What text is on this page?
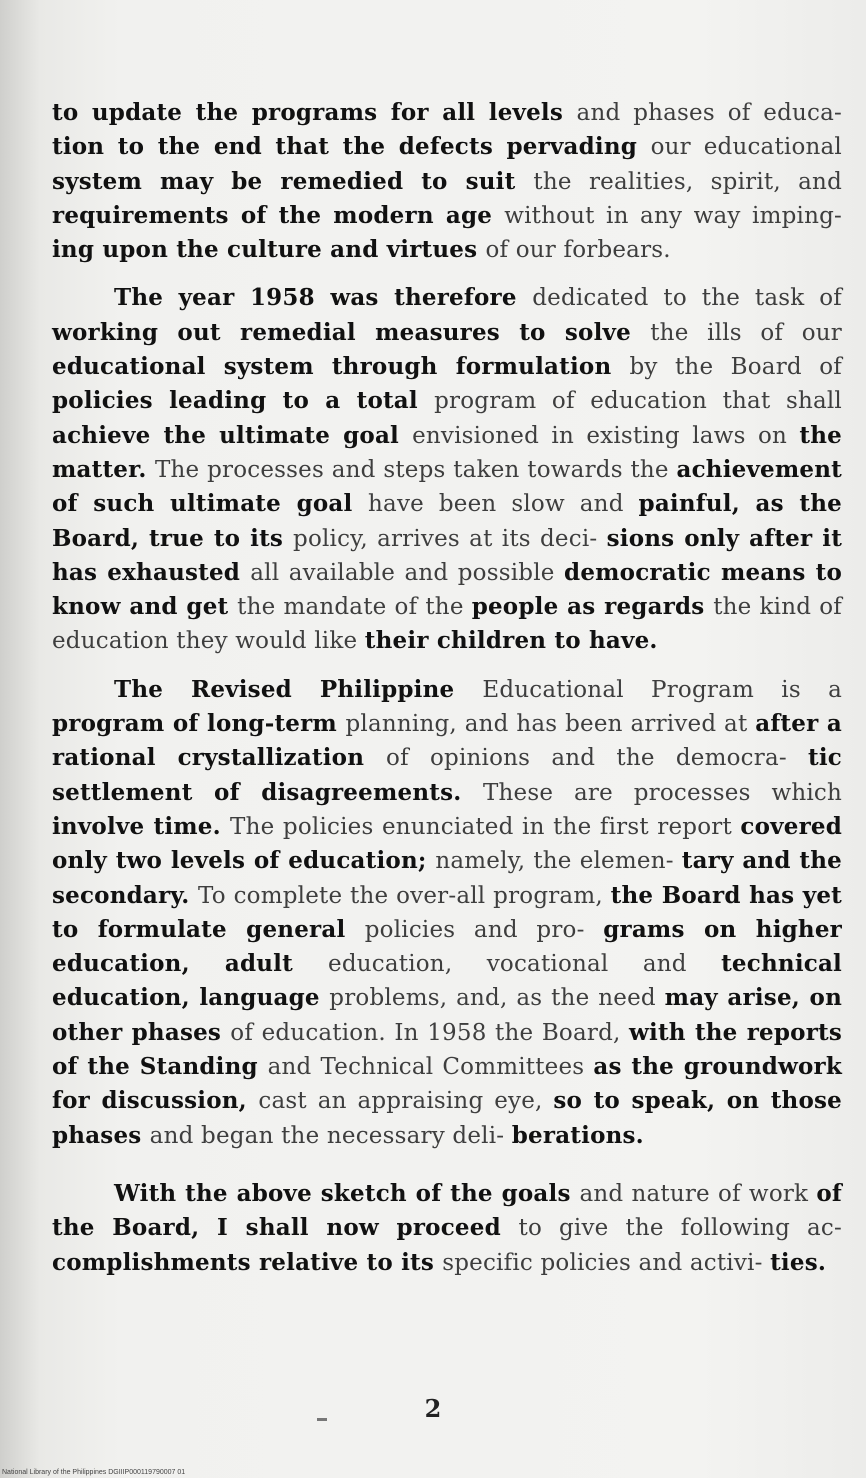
to update the programs for all levels and phases of educa- tion to the end that the defects pervading our educational system may be remedied to suit the realities, spirit, and requirements of the modern age without in any way imping- ing upon the culture and virtues of our forbears.

The year 1958 was therefore dedicated to the task of working out remedial measures to solve the ills of our educational system through formulation by the Board of policies leading to a total program of education that shall achieve the ultimate goal envisioned in existing laws on the matter. The processes and steps taken towards the achievement of such ultimate goal have been slow and painful, as the Board, true to its policy, arrives at its deci- sions only after it has exhausted all available and possible democratic means to know and get the mandate of the people as regards the kind of education they would like their children to have.

The Revised Philippine Educational Program is a program of long-term planning, and has been arrived at after a rational crystallization of opinions and the democra- tic settlement of disagreements. These are processes which involve time. The policies enunciated in the first report covered only two levels of education; namely, the elemen- tary and the secondary. To complete the over-all program, the Board has yet to formulate general policies and pro- grams on higher education, adult education, vocational and technical education, language problems, and, as the need may arise, on other phases of education. In 1958 the Board, with the reports of the Standing and Technical Committees as the groundwork for discussion, cast an appraising eye, so to speak, on those phases and began the necessary deli- berations.

With the above sketch of the goals and nature of work of the Board, I shall now proceed to give the following ac- complishments relative to its specific policies and activi- ties.

2
National Library of the Philippines DGIIIP000119790007 01
